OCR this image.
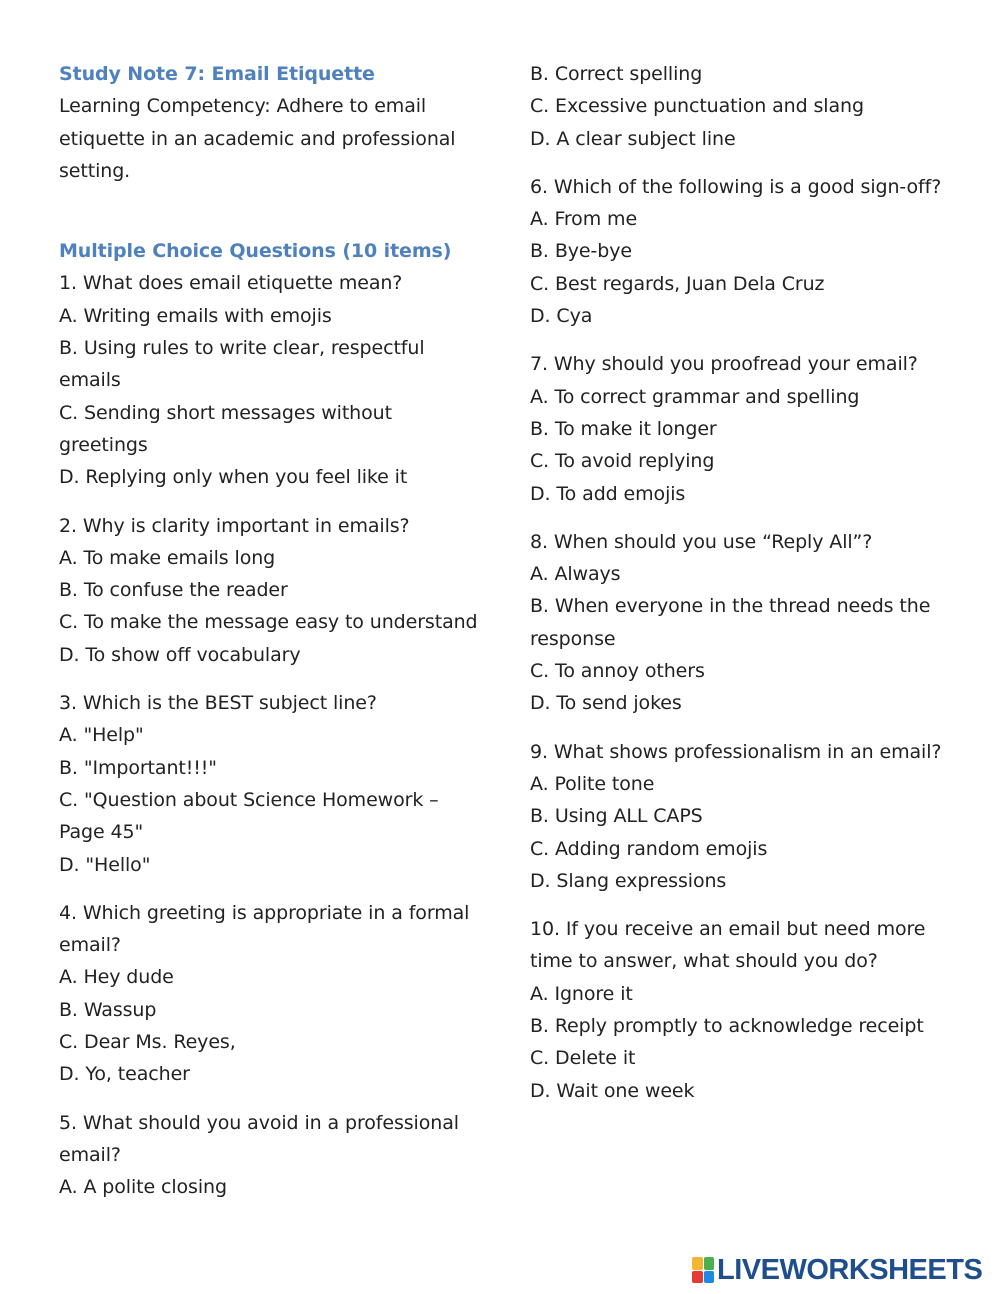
Study Note 7: Email Etiquette
Learning Competency: Adhere to email etiquette in an academic and professional setting.
Multiple Choice Questions (10 items)
1. What does email etiquette mean?
A. Writing emails with emojis
B. Using rules to write clear, respectful emails
C. Sending short messages without greetings
D. Replying only when you feel like it
2. Why is clarity important in emails?
A. To make emails long
B. To confuse the reader
C. To make the message easy to understand
D. To show off vocabulary
3. Which is the BEST subject line?
A. "Help"
B. "Important!!!"
C. "Question about Science Homework – Page 45"
D. "Hello"
4. Which greeting is appropriate in a formal email?
A. Hey dude
B. Wassup
C. Dear Ms. Reyes,
D. Yo, teacher
5. What should you avoid in a professional email?
A. A polite closing
B. Correct spelling
C. Excessive punctuation and slang
D. A clear subject line
6. Which of the following is a good sign-off?
A. From me
B. Bye-bye
C. Best regards, Juan Dela Cruz
D. Cya
7. Why should you proofread your email?
A. To correct grammar and spelling
B. To make it longer
C. To avoid replying
D. To add emojis
8. When should you use “Reply All”?
A. Always
B. When everyone in the thread needs the response
C. To annoy others
D. To send jokes
9. What shows professionalism in an email?
A. Polite tone
B. Using ALL CAPS
C. Adding random emojis
D. Slang expressions
10. If you receive an email but need more time to answer, what should you do?
A. Ignore it
B. Reply promptly to acknowledge receipt
C. Delete it
D. Wait one week
LIVEWORKSHEETS
